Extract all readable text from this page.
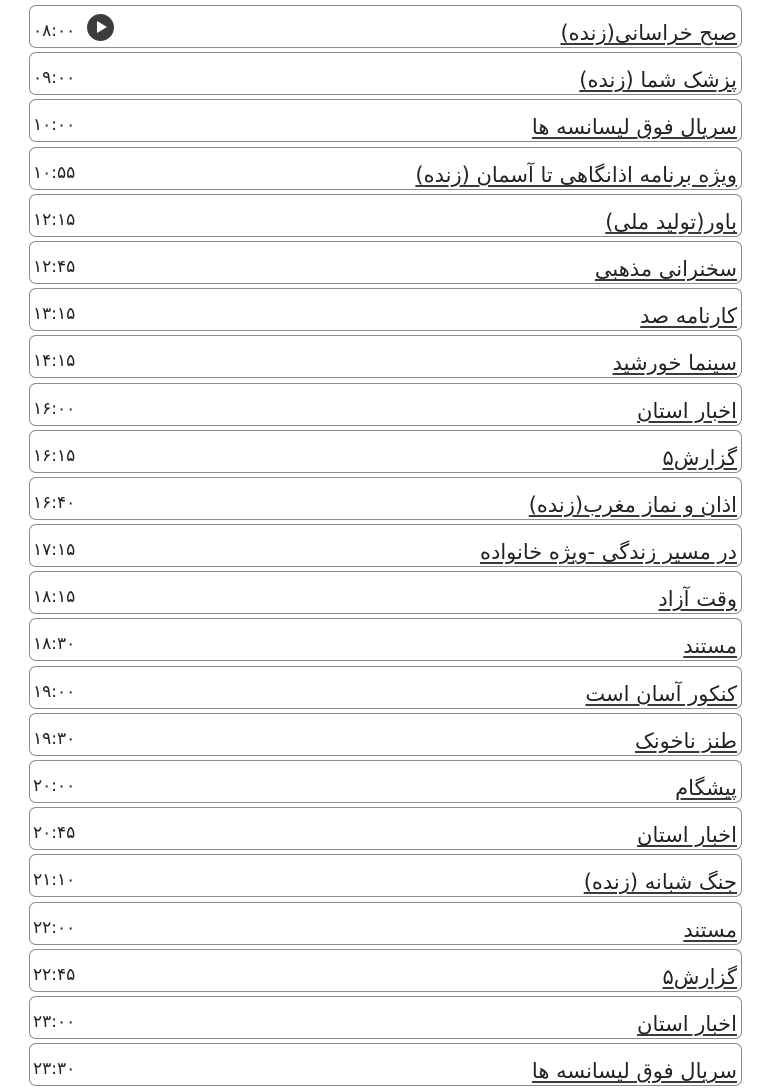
صبح خراسانی(زنده)
۰۸:۰۰
پزشک شما (زنده)
۰۹:۰۰
سریال فوق لیسانسه ها
۱۰:۰۰
ویژه برنامه اذانگاهی تا آسمان (زنده)
۱۰:۵۵
باور(تولید ملی)
۱۲:۱۵
سخنرانی مذهبی
۱۲:۴۵
کارنامه صد
۱۳:۱۵
سینما خورشید
۱۴:۱۵
اخبار استان
۱۶:۰۰
گزارش۵
۱۶:۱۵
اذان و نماز مغرب(زنده)
۱۶:۴۰
در مسیر زندگی -ویژه خانواده
۱۷:۱۵
وقت آزاد
۱۸:۱۵
مستند
۱۸:۳۰
کنکور آسان است
۱۹:۰۰
طنز ناخونک
۱۹:۳۰
پیشگام
۲۰:۰۰
اخبار استان
۲۰:۴۵
جنگ شبانه (زنده)
۲۱:۱۰
مستند
۲۲:۰۰
گزارش۵
۲۲:۴۵
اخبار استان
۲۳:۰۰
سریال فوق لیسانسه ها
۲۳:۳۰
